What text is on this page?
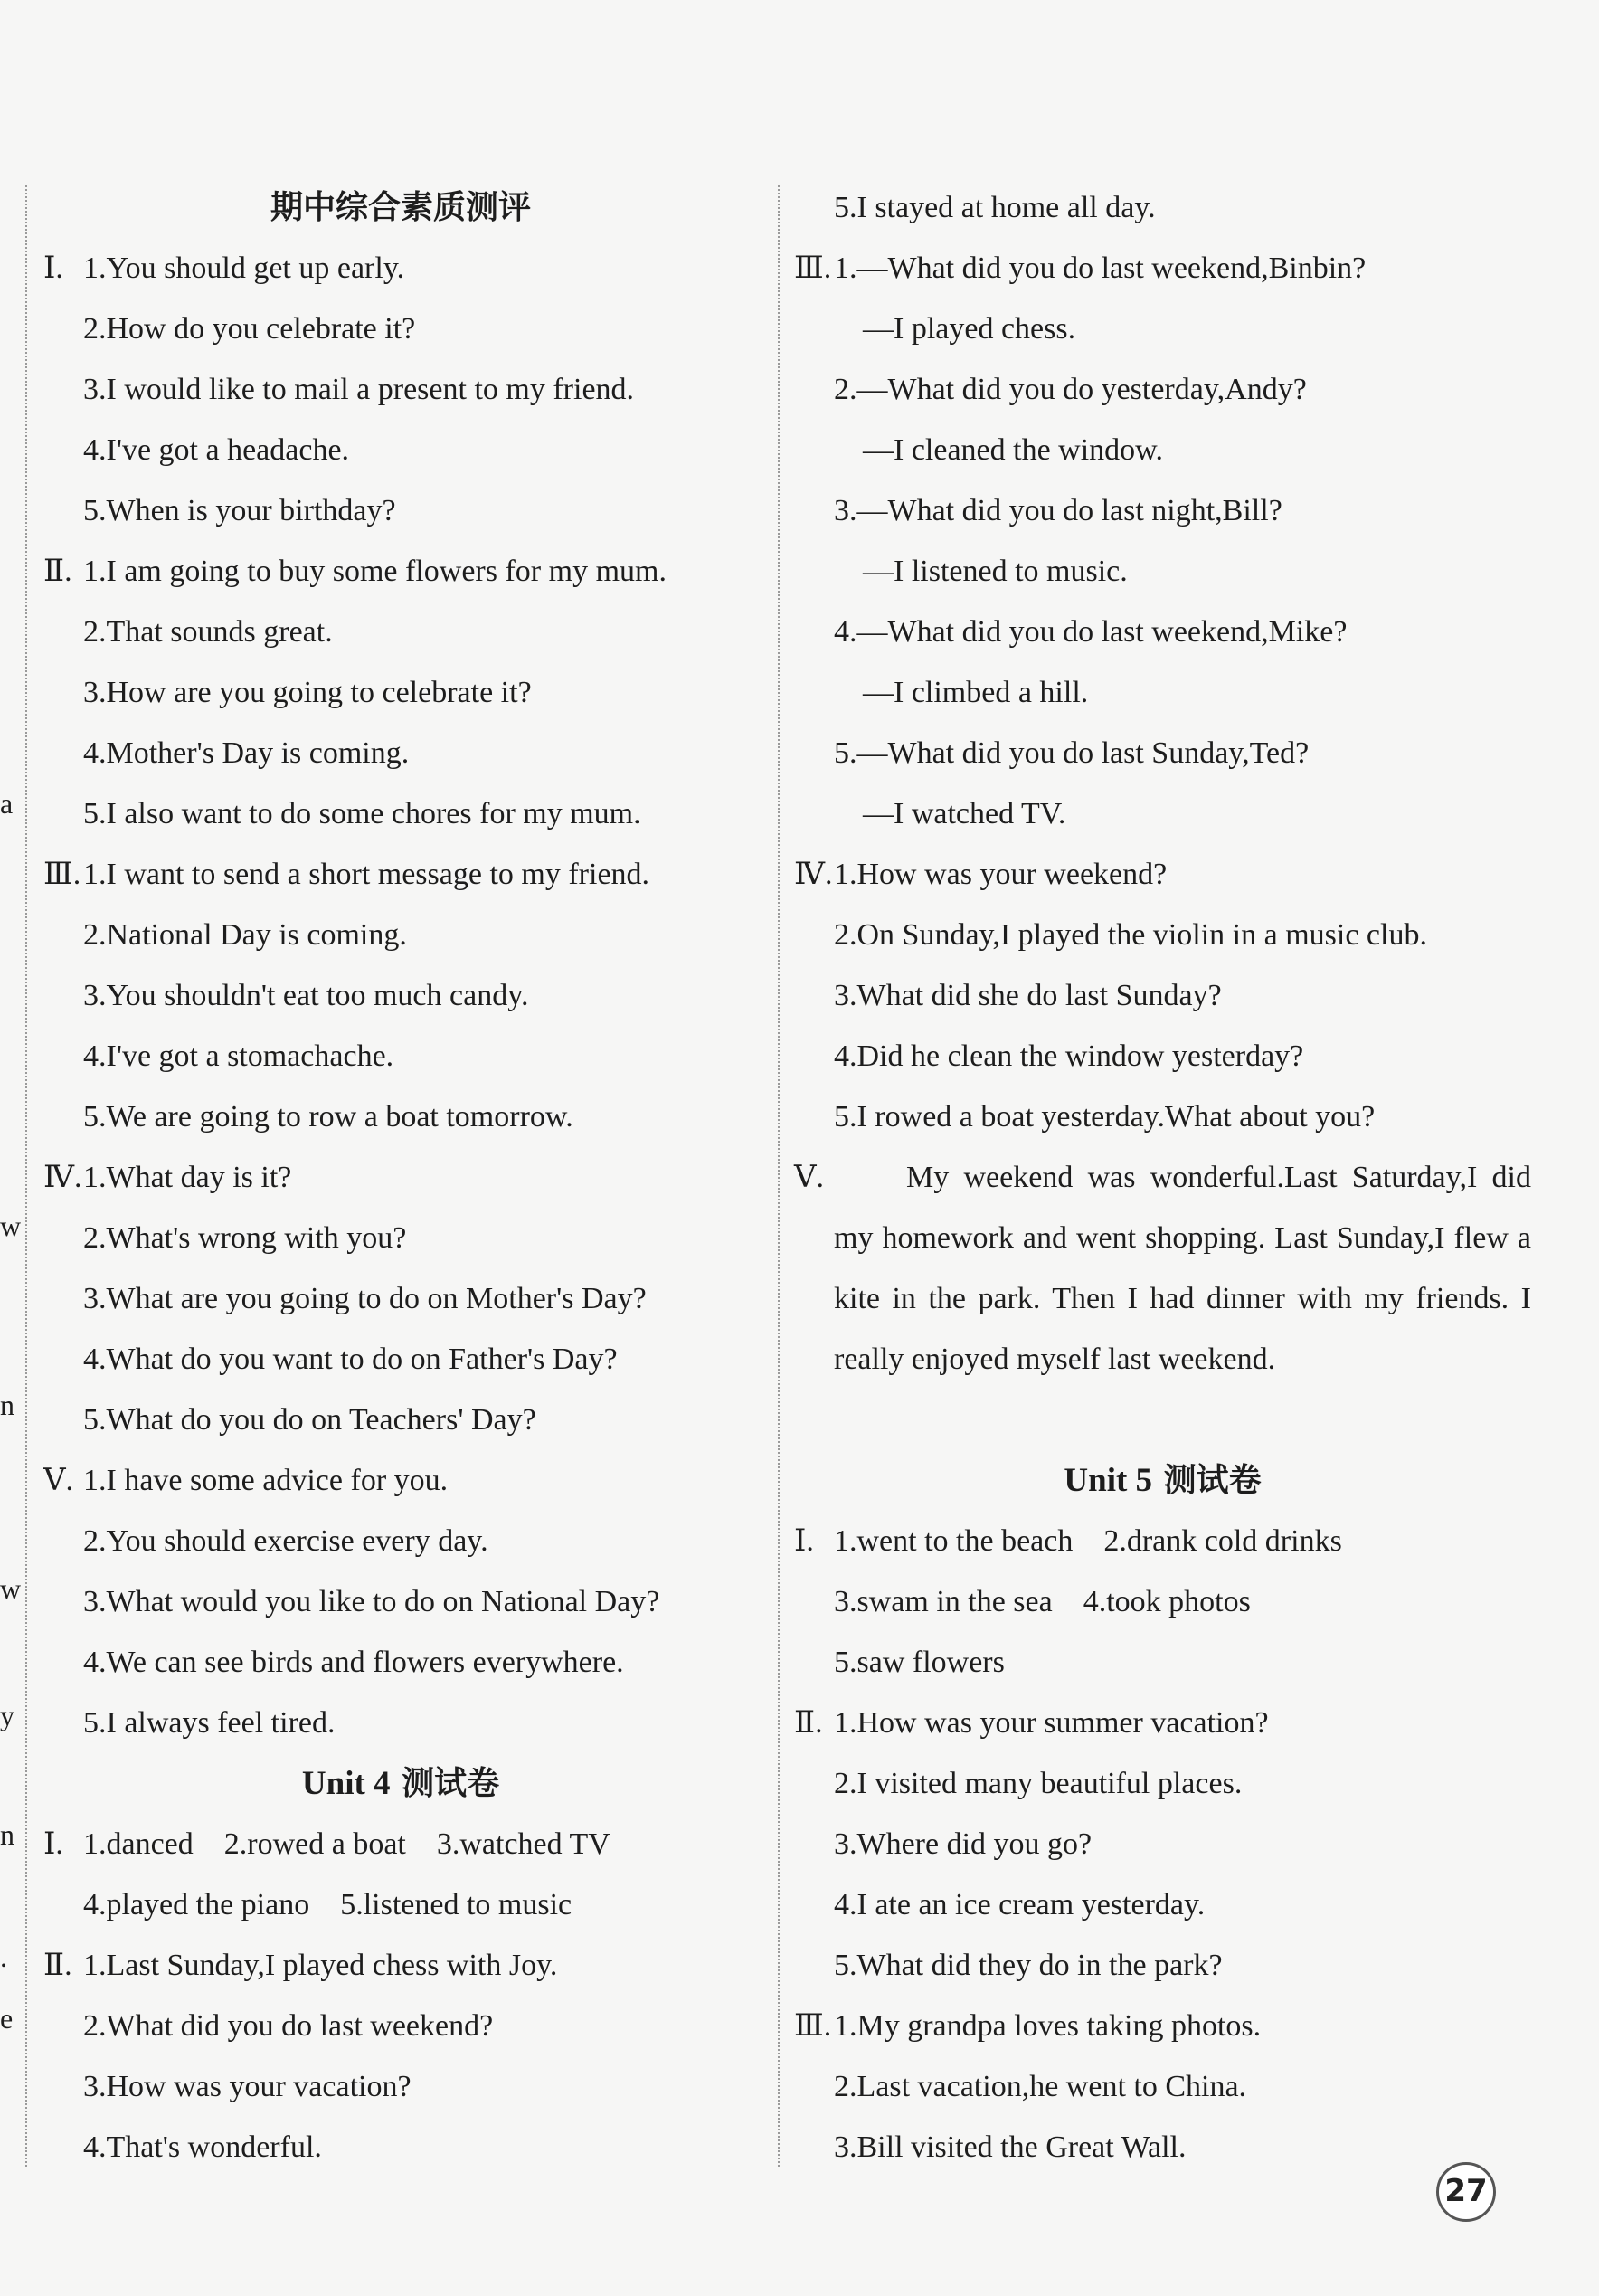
a
w
n
w
y
n
.
e
期中综合素质测评
Ⅰ. 1.You should get up early.
2.How do you celebrate it?
3.I would like to mail a present to my friend.
4.I've got a headache.
5.When is your birthday?
Ⅱ. 1.I am going to buy some flowers for my mum.
2.That sounds great.
3.How are you going to celebrate it?
4.Mother's Day is coming.
5.I also want to do some chores for my mum.
Ⅲ.1.I want to send a short message to my friend.
2.National Day is coming.
3.You shouldn't eat too much candy.
4.I've got a stomachache.
5.We are going to row a boat tomorrow.
Ⅳ.1.What day is it?
2.What's wrong with you?
3.What are you going to do on Mother's Day?
4.What do you want to do on Father's Day?
5.What do you do on Teachers' Day?
Ⅴ. 1.I have some advice for you.
2.You should exercise every day.
3.What would you like to do on National Day?
4.We can see birds and flowers everywhere.
5.I always feel tired.
Unit 4 测试卷
Ⅰ. 1.danced　2.rowed a boat　3.watched TV
4.played the piano　5.listened to music
Ⅱ. 1.Last Sunday,I played chess with Joy.
2.What did you do last weekend?
3.How was your vacation?
4.That's wonderful.
5.I stayed at home all day.
Ⅲ.1.—What did you do last weekend,Binbin?
—I played chess.
2.—What did you do yesterday,Andy?
—I cleaned the window.
3.—What did you do last night,Bill?
—I listened to music.
4.—What did you do last weekend,Mike?
—I climbed a hill.
5.—What did you do last Sunday,Ted?
—I watched TV.
Ⅳ.1.How was your weekend?
2.On Sunday,I played the violin in a music club.
3.What did she do last Sunday?
4.Did he clean the window yesterday?
5.I rowed a boat yesterday.What about you?
Ⅴ.	My weekend was wonderful.Last Saturday,I did my homework and went shopping. Last Sunday,I flew a kite in the park. Then I had dinner with my friends. I really enjoyed myself last weekend.
Unit 5 测试卷
Ⅰ. 1.went to the beach　2.drank cold drinks
3.swam in the sea　4.took photos
5.saw flowers
Ⅱ. 1.How was your summer vacation?
2.I visited many beautiful places.
3.Where did you go?
4.I ate an ice cream yesterday.
5.What did they do in the park?
Ⅲ.1.My grandpa loves taking photos.
2.Last vacation,he went to China.
3.Bill visited the Great Wall.
27
